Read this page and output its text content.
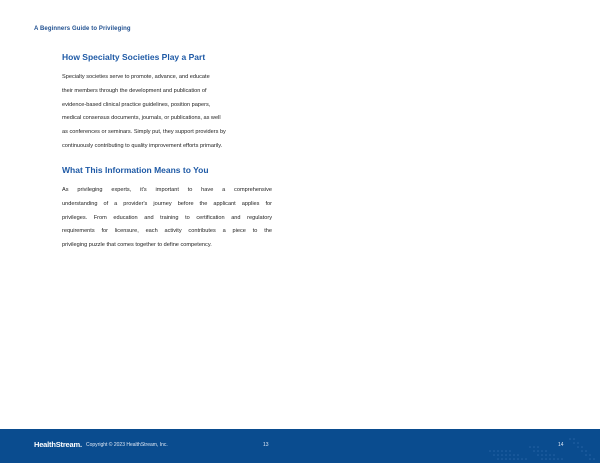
A Beginners Guide to Privileging
How Specialty Societies Play a Part

Specialty societies serve to promote, advance, and educate
their members through the development and publication of
evidence-based clinical practice guidelines, position papers,
medical consensus documents, journals, or publications, as well
as conferences or seminars. Simply put, they support providers by
continuously contributing to quality improvement efforts primarily.

What This Information Means to You

As privileging experts, it's important to have a comprehensive
understanding of a provider's journey before the applicant applies for
privileges. From education and training to certification and regulatory
requirements for licensure, each activity contributes a piece to the
privileging puzzle that comes together to define competency.

HealthStream. Copyright © 2023 HealthStream, Inc.	13	14
